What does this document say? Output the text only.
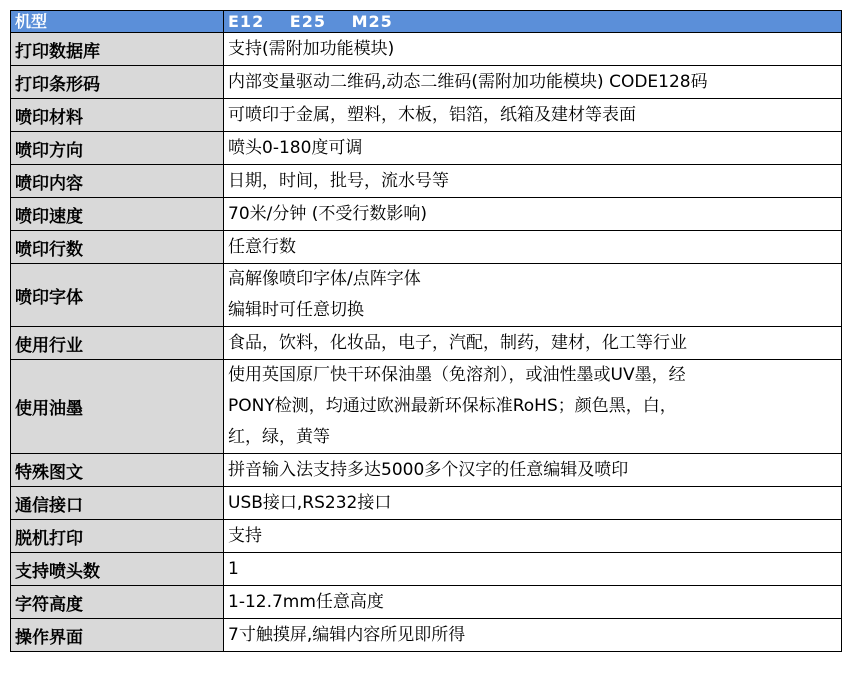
机型	E12 E25 M25
打印数据库	支持(需附加功能模块)

打印条形码	内部变量驱动二维码,动态二维码(需附加功能模块) CODE128码

喷印材料	可喷印于金属，塑料，木板，铝箔，纸箱及建材等表面

喷印方向	喷头0-180度可调

喷印内容	日期，时间，批号，流水号等

喷印速度	70米/分钟 (不受行数影响)

喷印行数	任意行数

喷印字体	高解像喷印字体/点阵字体
编辑时可任意切换

使用行业	食品，饮料，化妆品，电子，汽配，制药，建材，化工等行业

使用油墨	使用英国原厂快干环保油墨（免溶剂），或油性墨或UV墨，经
PONY检测，均通过欧洲最新环保标准RoHS；颜色黑，白，
红，绿，黄等

特殊图文	拼音输入法支持多达5000多个汉字的任意编辑及喷印

通信接口	USB接口,RS232接口

脱机打印	支持

支持喷头数	1

字符高度	1-12.7mm任意高度

操作界面	7寸触摸屏,编辑内容所见即所得
